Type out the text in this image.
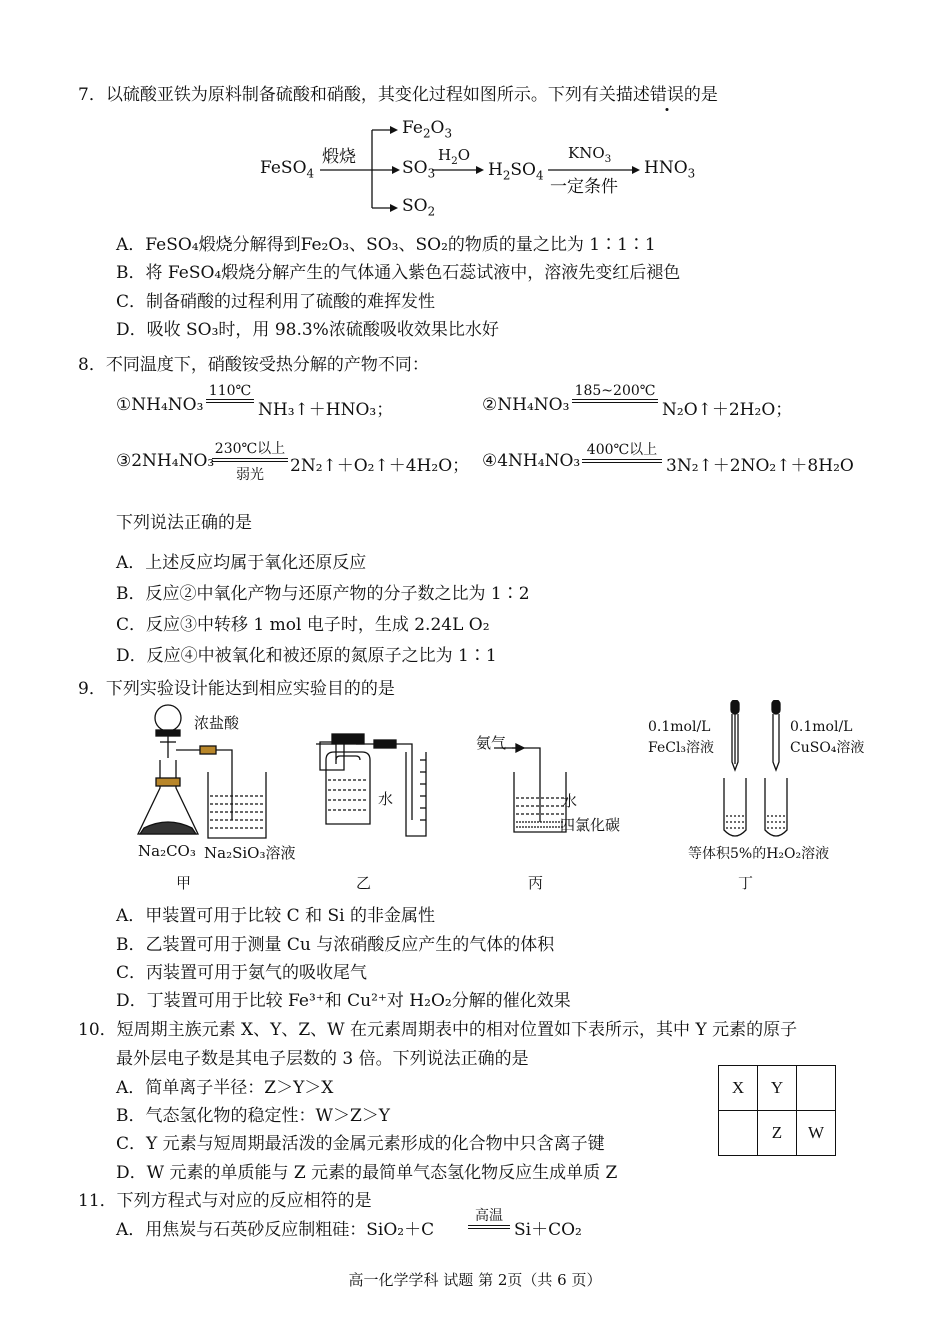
7．以硫酸亚铁为原料制备硫酸和硝酸，其变化过程如图所示。下列有关描述错误的是
FeSO$_4$
煅烧
$Fe_2O_3$
$SO_3$
$SO_2$
$H_2O$
$H_2SO_4$
$KNO_3$
一定条件
$HNO_3$
A．FeSO₄煅烧分解得到Fe₂O₃、SO₃、SO₂的物质的量之比为 1∶1∶1
B．将 FeSO₄煅烧分解产生的气体通入紫色石蕊试液中，溶液先变红后褪色
C．制备硝酸的过程利用了硫酸的难挥发性
D．吸收 SO₃时，用 98.3%浓硫酸吸收效果比水好
8．不同温度下，硝酸铵受热分解的产物不同：
①NH₄NO₃
110℃
NH₃↑＋HNO₃；	②NH₄NO₃
185~200℃
N₂O↑＋2H₂O；
③2NH₄NO₃
230℃以上
弱光	2N₂↑＋O₂↑＋4H₂O； ④4NH₄NO₃
400℃以上
3N₂↑＋2NO₂↑＋8H₂O
下列说法正确的是
A．上述反应均属于氧化还原反应
B．反应②中氧化产物与还原产物的分子数之比为 1∶2
C．反应③中转移 1 mol 电子时，生成 2.24L O₂
D．反应④中被氧化和被还原的氮原子之比为 1∶1
9．下列实验设计能达到相应实验目的的是
浓盐酸
Na₂CO₃ Na₂SiO₃溶液
水
氨气
水
四氯化碳
0.1mol/L
FeCl₃溶液
0.1mol/L
CuSO₄溶液
等体积5%的H₂O₂溶液
甲	乙	丙	丁
A．甲装置可用于比较 C 和 Si 的非金属性
B．乙装置可用于测量 Cu 与浓硝酸反应产生的气体的体积
C．丙装置可用于氨气的吸收尾气
D．丁装置可用于比较 Fe³⁺和 Cu²⁺对 H₂O₂分解的催化效果
10．短周期主族元素 X、Y、Z、W 在元素周期表中的相对位置如下表所示，其中 Y 元素的原子
最外层电子数是其电子层数的 3 倍。下列说法正确的是
A．简单离子半径：Z＞Y＞X
B．气态氢化物的稳定性：W＞Z＞Y
C．Y 元素与短周期最活泼的金属元素形成的化合物中只含离子键
D．W 元素的单质能与 Z 元素的最简单气态氢化物反应生成单质 Z
X	Y	
	Z	W
11．下列方程式与对应的反应相符的是
A．用焦炭与石英砂反应制粗硅：SiO₂＋C
高温
Si＋CO₂
高一化学学科 试题 第 2页（共 6 页）
